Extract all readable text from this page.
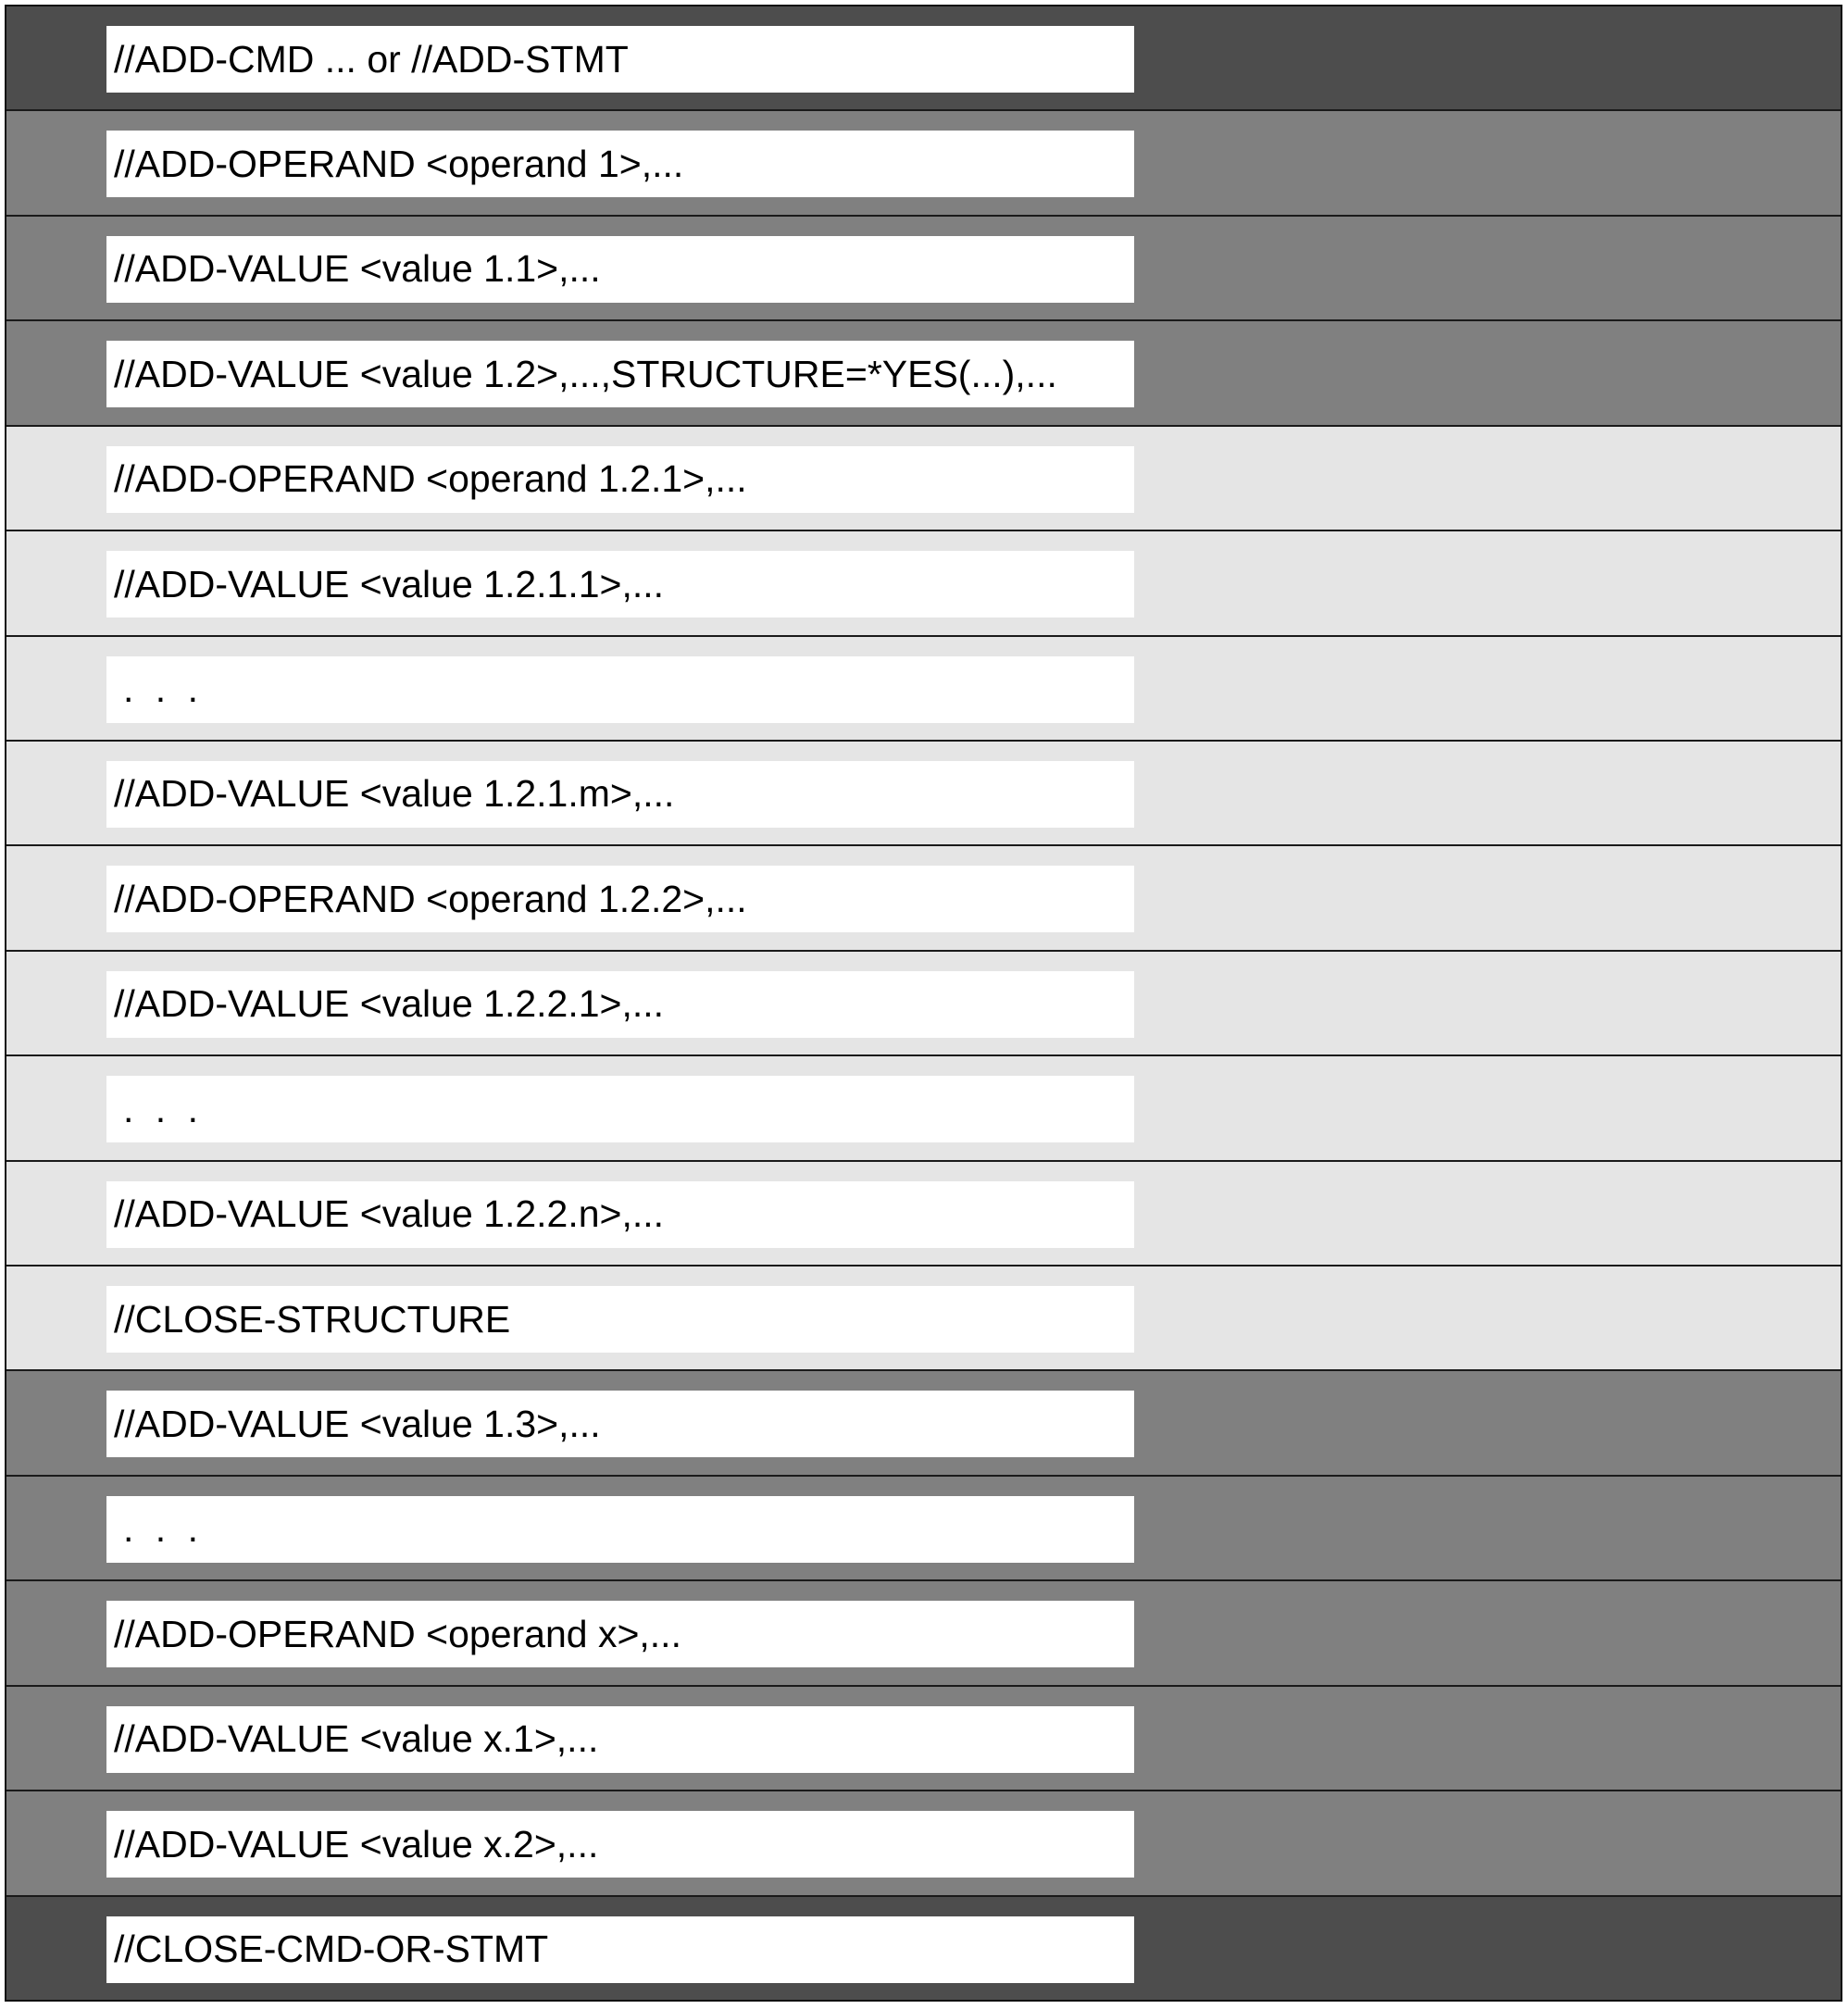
//ADD-CMD ... or //ADD-STMT
//ADD-OPERAND <operand 1>,...
//ADD-VALUE <value 1.1>,...
//ADD-VALUE <value 1.2>,...,STRUCTURE=*YES(...),...
//ADD-OPERAND <operand 1.2.1>,...
//ADD-VALUE <value 1.2.1.1>,...
. . .
//ADD-VALUE <value 1.2.1.m>,...
//ADD-OPERAND <operand 1.2.2>,...
//ADD-VALUE <value 1.2.2.1>,...
. . .
//ADD-VALUE <value 1.2.2.n>,...
//CLOSE-STRUCTURE
//ADD-VALUE <value 1.3>,...
. . .
//ADD-OPERAND <operand x>,...
//ADD-VALUE <value x.1>,...
//ADD-VALUE <value x.2>,...
//CLOSE-CMD-OR-STMT
